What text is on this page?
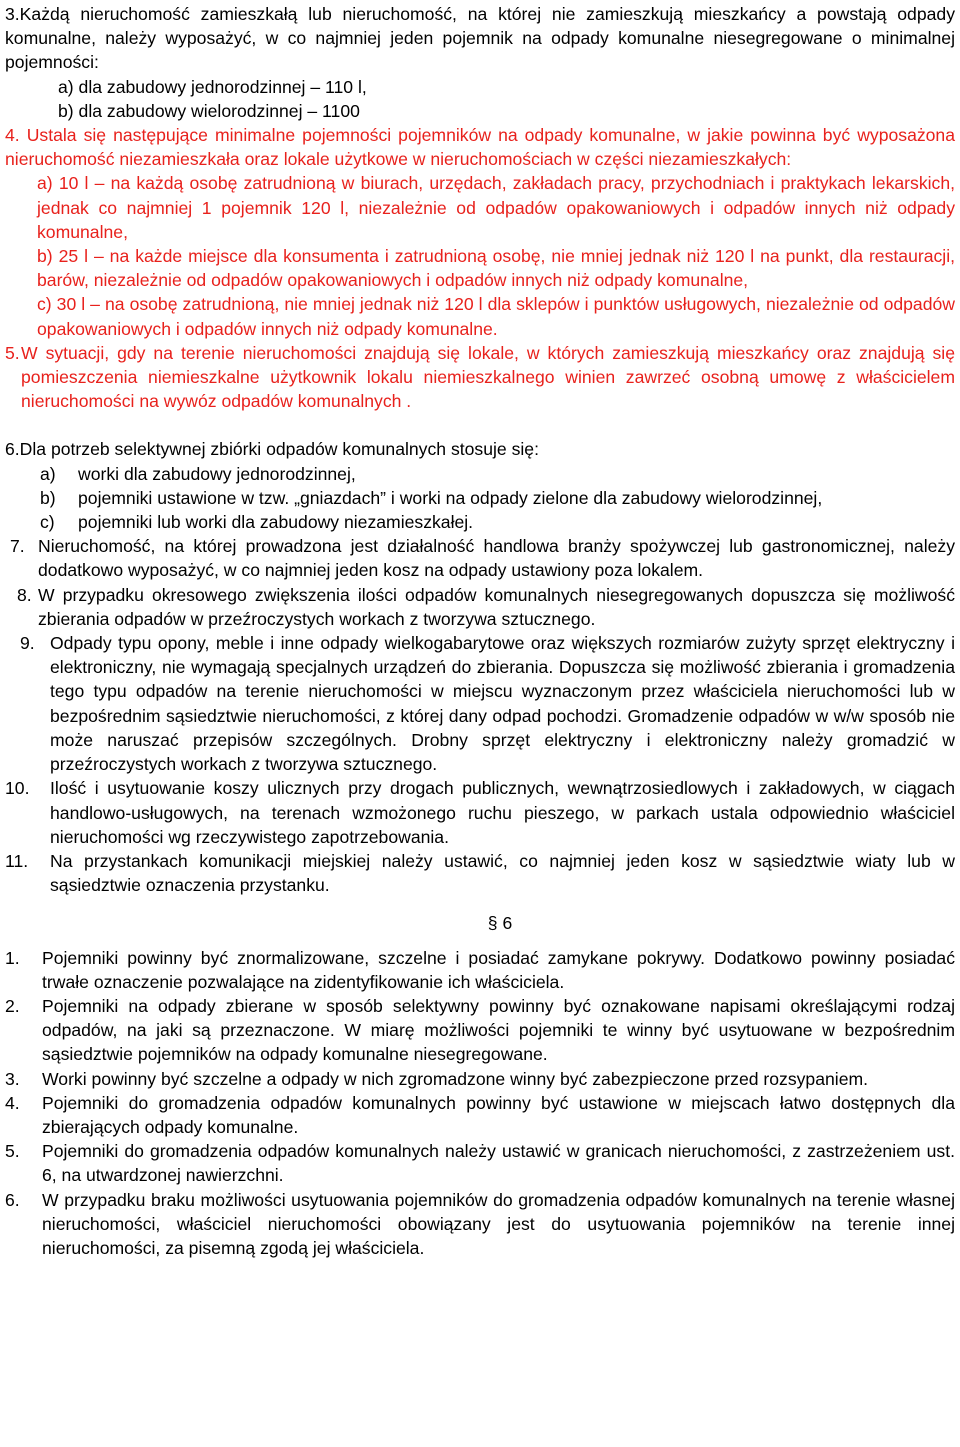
3.Każdą nieruchomość zamieszkałą lub nieruchomość, na której nie zamieszkują mieszkańcy a powstają odpady komunalne, należy wyposażyć, w co najmniej jeden pojemnik na odpady komunalne niesegregowane o minimalnej pojemności:

a) dla zabudowy jednorodzinnej – 110 l,

b) dla zabudowy wielorodzinnej – 1100

4. Ustala się następujące minimalne pojemności pojemników na odpady komunalne, w jakie powinna być wyposażona nieruchomość niezamieszkała oraz lokale użytkowe w nieruchomościach w części niezamieszkałych:

a) 10 l – na każdą osobę zatrudnioną w biurach, urzędach, zakładach pracy, przychodniach i praktykach lekarskich, jednak co najmniej 1 pojemnik 120 l, niezależnie od odpadów opakowaniowych i odpadów innych niż odpady komunalne,

b) 25 l – na każde miejsce dla konsumenta i zatrudnioną osobę, nie mniej jednak niż 120 l na punkt, dla restauracji, barów, niezależnie od odpadów opakowaniowych i odpadów innych niż odpady komunalne,

c) 30 l – na osobę zatrudnioną, nie mniej jednak niż 120 l dla sklepów i punktów usługowych, niezależnie od odpadów opakowaniowych i odpadów innych niż odpady komunalne.

5. W sytuacji, gdy na terenie nieruchomości znajdują się lokale, w których zamieszkują mieszkańcy oraz znajdują się pomieszczenia niemieszkalne użytkownik lokalu niemieszkalnego winien zawrzeć osobną umowę z właścicielem nieruchomości na wywóz odpadów komunalnych .

6.Dla potrzeb selektywnej zbiórki odpadów komunalnych stosuje się:

a)	worki dla zabudowy jednorodzinnej,
b)	pojemniki ustawione w tzw. „gniazdach” i worki na odpady zielone dla zabudowy wielorodzinnej,
c)	pojemniki lub worki dla zabudowy niezamieszkałej.
7. Nieruchomość, na której prowadzona jest działalność handlowa branży spożywczej lub gastronomicznej, należy dodatkowo wyposażyć, w co najmniej jeden kosz na odpady ustawiony poza lokalem.
8. W przypadku okresowego zwiększenia ilości odpadów komunalnych niesegregowanych dopuszcza się możliwość zbierania odpadów w przeźroczystych workach z tworzywa sztucznego.
9. Odpady typu opony, meble i inne odpady wielkogabarytowe oraz większych rozmiarów zużyty sprzęt elektryczny i elektroniczny, nie wymagają specjalnych urządzeń do zbierania. Dopuszcza się możliwość zbierania i gromadzenia tego typu odpadów na terenie nieruchomości w miejscu wyznaczonym przez właściciela nieruchomości lub w bezpośrednim sąsiedztwie nieruchomości, z której dany odpad pochodzi. Gromadzenie odpadów w w/w sposób nie może naruszać przepisów szczególnych. Drobny sprzęt elektryczny i elektroniczny należy gromadzić w przeźroczystych workach z tworzywa sztucznego.
10.	Ilość i usytuowanie koszy ulicznych przy drogach publicznych, wewnątrzosiedlowych i zakładowych, w ciągach handlowo-usługowych, na terenach wzmożonego ruchu pieszego, w parkach ustala odpowiednio właściciel nieruchomości wg rzeczywistego zapotrzebowania.
11.	Na przystankach komunikacji miejskiej należy ustawić, co najmniej jeden kosz w sąsiedztwie wiaty lub w sąsiedztwie oznaczenia przystanku.
§ 6
1.	Pojemniki powinny być znormalizowane, szczelne i posiadać zamykane pokrywy. Dodatkowo powinny posiadać trwałe oznaczenie pozwalające na zidentyfikowanie ich właściciela.
2.	Pojemniki na odpady zbierane w sposób selektywny powinny być oznakowane napisami określającymi rodzaj odpadów, na jaki są przeznaczone. W miarę możliwości pojemniki te winny być usytuowane w bezpośrednim sąsiedztwie pojemników na odpady komunalne niesegregowane.
3.	Worki powinny być szczelne a odpady w nich zgromadzone winny być zabezpieczone przed rozsypaniem.
4.	Pojemniki do gromadzenia odpadów komunalnych powinny być ustawione w miejscach łatwo dostępnych dla zbierających odpady komunalne.
5.	Pojemniki do gromadzenia odpadów komunalnych należy ustawić w granicach nieruchomości, z zastrzeżeniem ust. 6, na utwardzonej nawierzchni.
6.	W przypadku braku możliwości usytuowania pojemników do gromadzenia odpadów komunalnych na terenie własnej nieruchomości, właściciel nieruchomości obowiązany jest do usytuowania pojemników na terenie innej nieruchomości, za pisemną zgodą jej właściciela.
